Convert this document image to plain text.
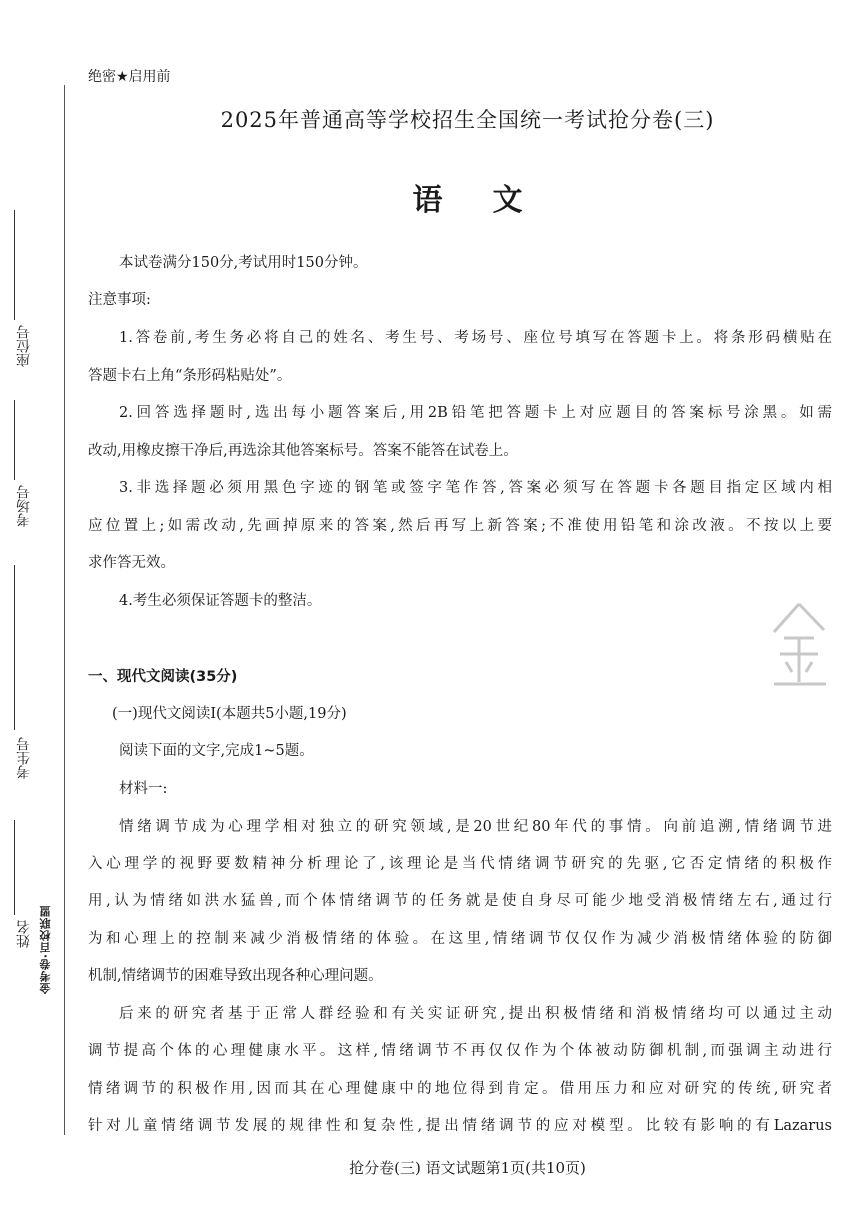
座位号
考场号
考生号
姓名 金考卷·百校联盟
绝密★启用前
2025年普通高等学校招生全国统一考试抢分卷(三)
语文
本试卷满分150分,考试用时150分钟。
注意事项:
1.答卷前,考生务必将自己的姓名、考生号、考场号、座位号填写在答题卡上。将条形码横贴在
答题卡右上角“条形码粘贴处”。
2.回答选择题时,选出每小题答案后,用2B铅笔把答题卡上对应题目的答案标号涂黑。如需
改动,用橡皮擦干净后,再选涂其他答案标号。答案不能答在试卷上。
3.非选择题必须用黑色字迹的钢笔或签字笔作答,答案必须写在答题卡各题目指定区域内相
应位置上;如需改动,先画掉原来的答案,然后再写上新答案;不准使用铅笔和涂改液。不按以上要
求作答无效。
4.考生必须保证答题卡的整洁。
一、现代文阅读(35分)
(一)现代文阅读Ⅰ(本题共5小题,19分)
阅读下面的文字,完成1~5题。
材料一:
情绪调节成为心理学相对独立的研究领域,是20世纪80年代的事情。向前追溯,情绪调节进
入心理学的视野要数精神分析理论了,该理论是当代情绪调节研究的先驱,它否定情绪的积极作
用,认为情绪如洪水猛兽,而个体情绪调节的任务就是使自身尽可能少地受消极情绪左右,通过行
为和心理上的控制来减少消极情绪的体验。在这里,情绪调节仅仅作为减少消极情绪体验的防御
机制,情绪调节的困难导致出现各种心理问题。
后来的研究者基于正常人群经验和有关实证研究,提出积极情绪和消极情绪均可以通过主动
调节提高个体的心理健康水平。这样,情绪调节不再仅仅作为个体被动防御机制,而强调主动进行
情绪调节的积极作用,因而其在心理健康中的地位得到肯定。借用压力和应对研究的传统,研究者
针对儿童情绪调节发展的规律性和复杂性,提出情绪调节的应对模型。比较有影响的有Lazarus
抢分卷(三) 语文试题第1页(共10页)
